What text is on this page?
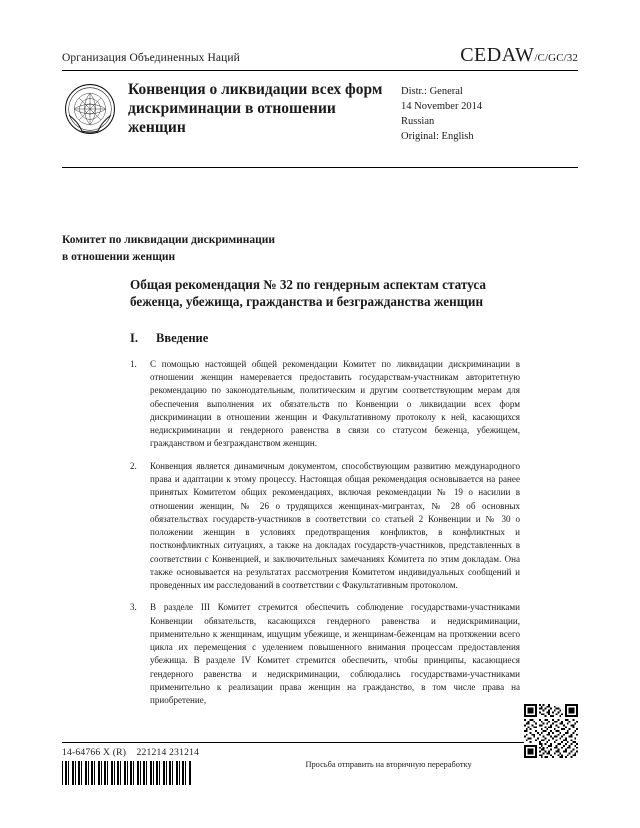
Организация Объединенных Наций	CEDAW/C/GC/32
Конвенция о ликвидации всех форм дискриминации в отношении женщин
Distr.: General
14 November 2014
Russian
Original: English
Комитет по ликвидации дискриминации
в отношении женщин
Общая рекомендация № 32 по гендерным аспектам статуса беженца, убежища, гражданства и безгражданства женщин
I.	Введение

1. С помощью настоящей общей рекомендации Комитет по ликвидации дискриминации в отношении женщин намеревается предоставить государствам-участникам авторитетную рекомендацию по законодательным, политическим и другим соответствующим мерам для обеспечения выполнения их обязательств по Конвенции о ликвидации всех форм дискриминации в отношении женщин и Факультативному протоколу к ней, касающихся недискриминации и гендерного равенства в связи со статусом беженца, убежищем, гражданством и безгражданством женщин.

2. Конвенция является динамичным документом, способствующим развитию международного права и адаптации к этому процессу. Настоящая общая рекомендация основывается на ранее принятых Комитетом общих рекомендациях, включая рекомендации № 19 о насилии в отношении женщин, № 26 о трудящихся женщинах-мигрантах, № 28 об основных обязательствах государств-участников в соответствии со статьей 2 Конвенции и № 30 о положении женщин в условиях предотвращения конфликтов, в конфликтных и постконфликтных ситуациях, а также на докладах государств-участников, представленных в соответствии с Конвенцией, и заключительных замечаниях Комитета по этим докладам. Она также основывается на результатах рассмотрения Комитетом индивидуальных сообщений и проведенных им расследований в соответствии с Факультативным протоколом.

3. В разделе III Комитет стремится обеспечить соблюдение государствами-участниками Конвенции обязательств, касающихся гендерного равенства и недискриминации, применительно к женщинам, ищущим убежище, и женщинам-беженцам на протяжении всего цикла их перемещения с уделением повышенного внимания процессам предоставления убежища. В разделе IV Комитет стремится обеспечить, чтобы принципы, касающиеся гендерного равенства и недискриминации, соблюдались государствами-участниками применительно к реализации права женщин на гражданство, в том числе права на приобретение,

14-64766 X (R) 221214 231214
Просьба отправить на вторичную переработку
